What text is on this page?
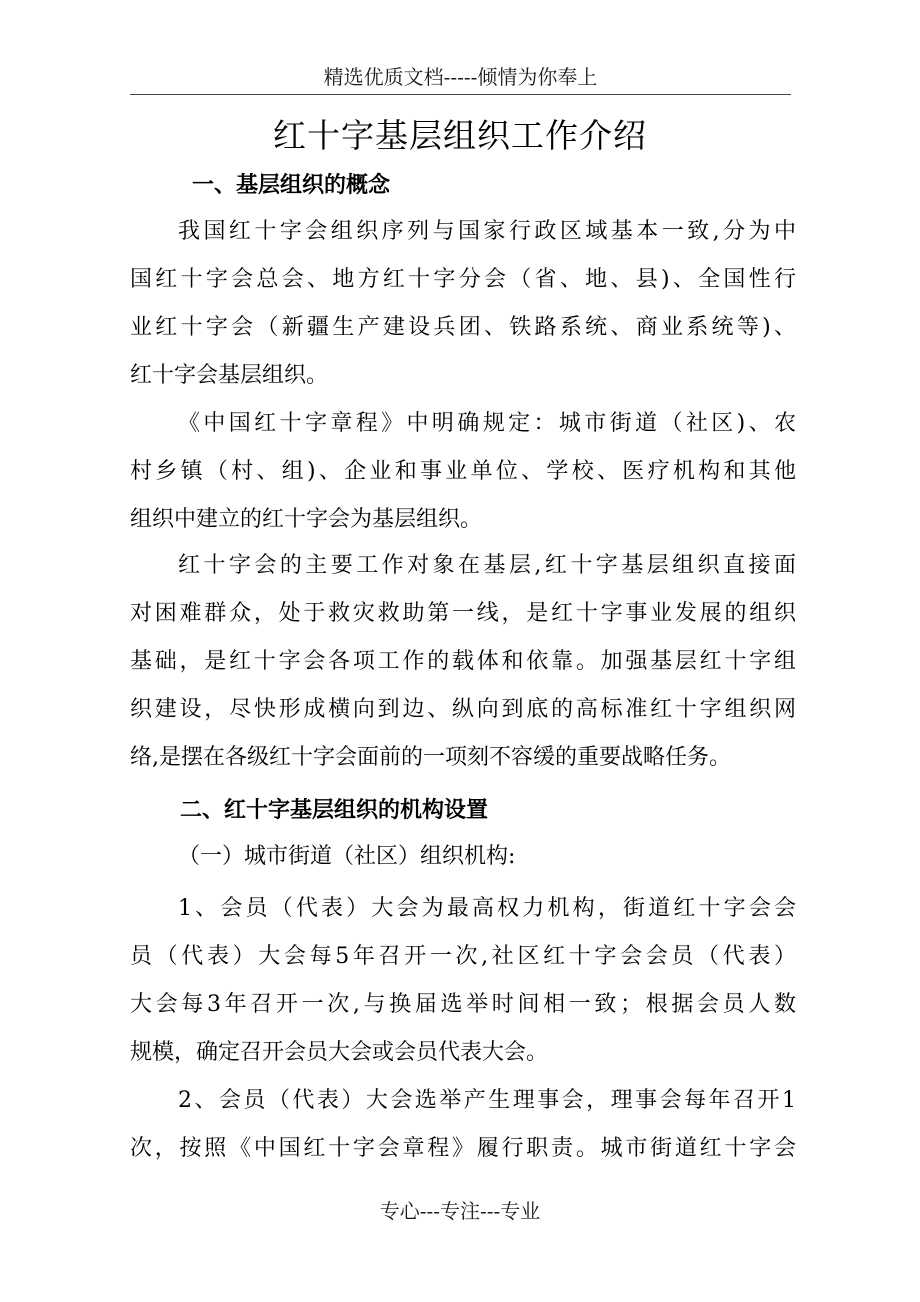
精选优质文档-----倾情为你奉上
红十字基层组织工作介绍
一、基层组织的概念
我国红十字会组织序列与国家行政区域基本一致,分为中
国红十字会总会、地方红十字分会（省、地、县)、全国性行
业红十字会（新疆生产建设兵团、铁路系统、商业系统等)、
红十字会基层组织。
《中国红十字章程》中明确规定：城市街道（社区)、农
村乡镇（村、组)、企业和事业单位、学校、医疗机构和其他
组织中建立的红十字会为基层组织。
红十字会的主要工作对象在基层,红十字基层组织直接面
对困难群众，处于救灾救助第一线，是红十字事业发展的组织
基础，是红十字会各项工作的载体和依靠。加强基层红十字组
织建设，尽快形成横向到边、纵向到底的高标准红十字组织网
络,是摆在各级红十字会面前的一项刻不容缓的重要战略任务。
二、红十字基层组织的机构设置
（一）城市街道（社区）组织机构:
1、会员（代表）大会为最高权力机构，街道红十字会会
员（代表）大会每5年召开一次,社区红十字会会员（代表）
大会每3年召开一次,与换届选举时间相一致；根据会员人数
规模，确定召开会员大会或会员代表大会。
2、会员（代表）大会选举产生理事会，理事会每年召开1
次，按照《中国红十字会章程》履行职责。城市街道红十字会
专心---专注---专业
